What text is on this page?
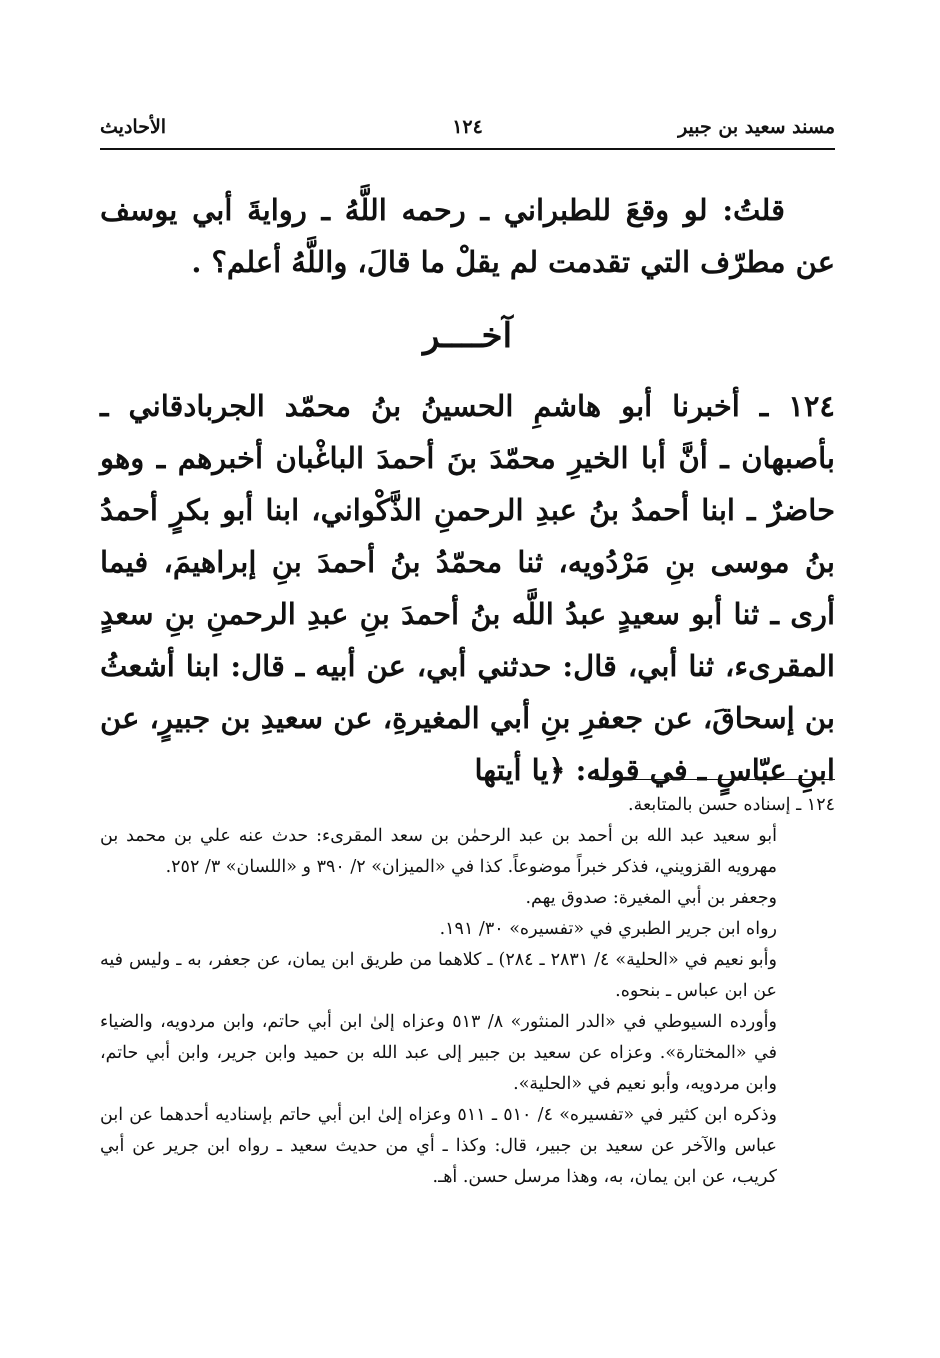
مسند سعيد بن جبير
١٢٤
الأحاديث

قلتُ: لو وقعَ للطبراني ـ رحمه اللَّهُ ـ روايةَ أبي يوسف عن مطرّف التي تقدمت لم يقلْ ما قالَ، واللَّهُ أعلم؟ .

آخــــر

١٢٤ ـ أخبرنا أبو هاشمِ الحسينُ بنُ محمّد الجربادقاني ـ بأصبهان ـ أنَّ أبا الخيرِ محمّدَ بنَ أحمدَ الباغْبان أخبرهم ـ وهو حاضرٌ ـ ابنا أحمدُ بنُ عبدِ الرحمنِ الذَّكْواني، ابنا أبو بكرٍ أحمدُ بنُ موسى بنِ مَرْدُويه، ثنا محمّدُ بنُ أحمدَ بنِ إبراهيمَ، فيما أرى ـ ثنا أبو سعيدٍ عبدُ اللَّه بنُ أحمدَ بنِ عبدِ الرحمنِ بنِ سعدٍ المقرىء، ثنا أبي، قال: حدثني أبي، عن أبيه ـ قال: ابنا أشعثُ بن إسحاقَ، عن جعفرِ بنِ أبي المغيرةِ، عن سعيدِ بن جبيرٍ، عن ابنِ عبّاسٍ ـ في قوله: ﴿يا أيتها

١٢٤ ـ إسناده حسن بالمتابعة.

أبو سعيد عبد الله بن أحمد بن عبد الرحمٰن بن سعد المقرىء: حدث عنه علي بن محمد بن مهرويه القزويني، فذكر خبراً موضوعاً. كذا في «الميزان» ٢/ ٣٩٠ و «اللسان» ٣/ ٢٥٢.

وجعفر بن أبي المغيرة: صدوق يهم.

رواه ابن جرير الطبري في «تفسيره» ٣٠/ ١٩١.

وأبو نعيم في «الحلية» ٤/ ٢٨٣١ ـ ٢٨٤) ـ كلاهما من طريق ابن يمان، عن جعفر، به ـ وليس فيه عن ابن عباس ـ بنحوه.

وأورده السيوطي في «الدر المنثور» ٨/ ٥١٣ وعزاه إلىٰ ابن أبي حاتم، وابن مردويه، والضياء في «المختارة». وعزاه عن سعيد بن جبير إلى عبد الله بن حميد وابن جرير، وابن أبي حاتم، وابن مردويه، وأبو نعيم في «الحلية».

وذكره ابن كثير في «تفسيره» ٤/ ٥١٠ ـ ٥١١ وعزاه إلىٰ ابن أبي حاتم بإسناديه أحدهما عن ابن عباس والآخر عن سعيد بن جبير، قال: وكذا ـ أي من حديث سعيد ـ رواه ابن جرير عن أبي كريب، عن ابن يمان، به، وهذا مرسل حسن. أهـ.
